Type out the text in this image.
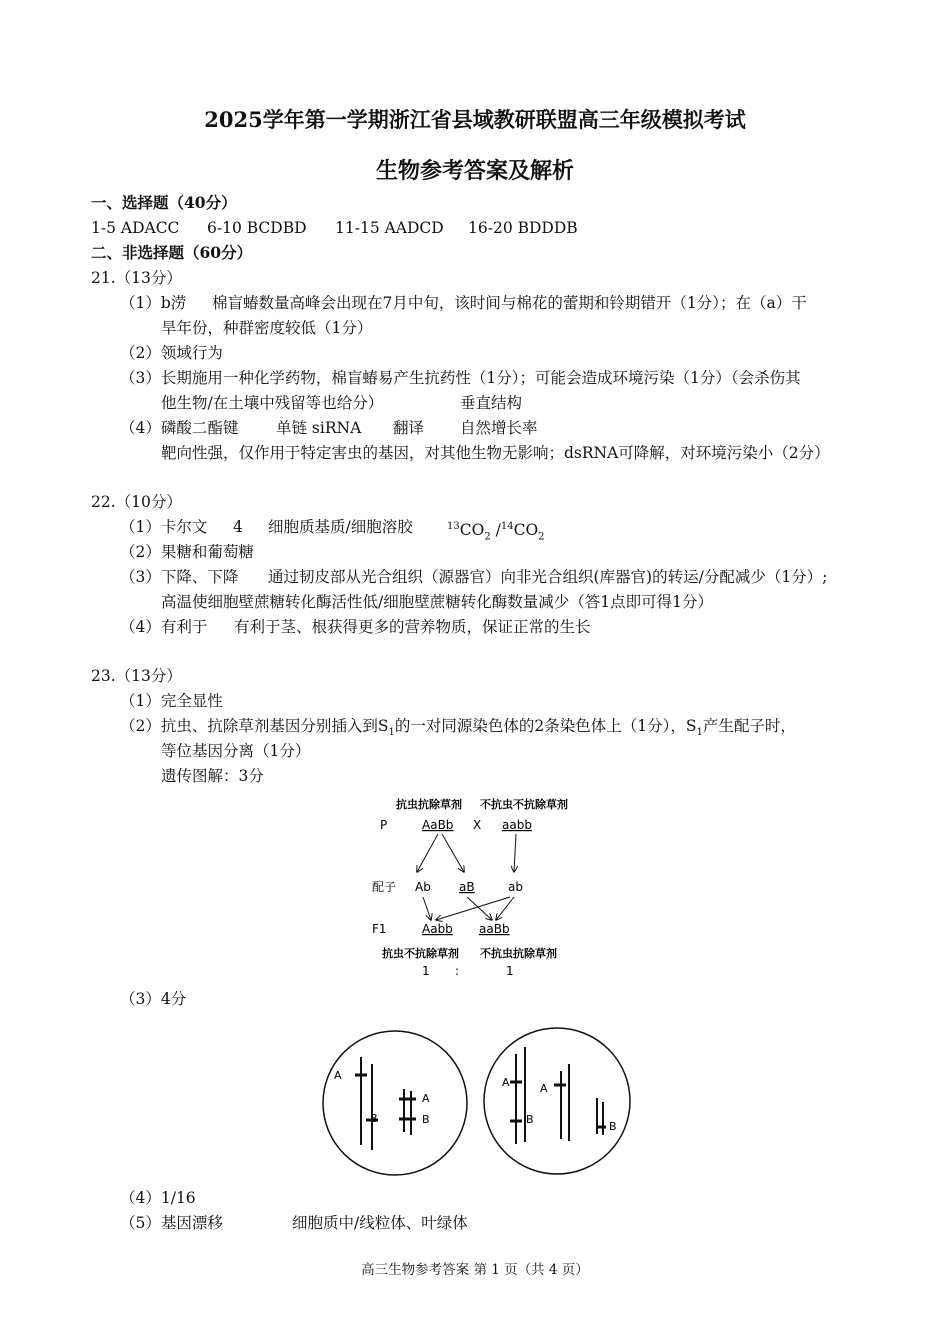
2025学年第一学期浙江省县域教研联盟高三年级模拟考试
生物参考答案及解析
一、选择题（40分）
1-5 ADACC 6-10 BCDBD 11-15 AADCD 16-20 BDDDB
二、非选择题（60分）
21.（13分）
（1）b涝 棉盲蝽数量高峰会出现在7月中旬，该时间与棉花的蕾期和铃期错开（1分）；在（a）干
旱年份，种群密度较低（1分）
（2）领域行为
（3）长期施用一种化学药物，棉盲蝽易产生抗药性（1分）；可能会造成环境污染（1分）（会杀伤其
他生物/在土壤中残留等也给分）	垂直结构
（4）磷酸二酯键 单链 siRNA 翻译 自然增长率
靶向性强，仅作用于特定害虫的基因，对其他生物无影响；dsRNA可降解，对环境污染小（2分）
22.（10分）
（1）卡尔文 4 细胞质基质/细胞溶胶	$^{13}CO_2$ $/^{14}CO_2$
（2）果糖和葡萄糖
（3）下降、下降 通过韧皮部从光合组织（源器官）向非光合组织(库器官)的转运/分配减少（1分）;
高温使细胞壁蔗糖转化酶活性低/细胞壁蔗糖转化酶数量减少（答1点即可得1分）
（4）有利于 有利于茎、根获得更多的营养物质，保证正常的生长
23.（13分）
（1）完全显性
（2）抗虫、抗除草剂基因分别插入到$S_1$的一对同源染色体的2条染色体上（1分），$S_1$产生配子时，
等位基因分离（1分）
遗传图解：3分
抗虫抗除草剂 不抗虫不抗除草剂
P	AaBb X aabb
配子 Ab aB	ab
F1	Aabb aaBb
抗虫不抗除草剂 不抗虫抗除草剂
1 :	1
（3）4分
A
B
A
B
A
B
A
B
（4）1/16
（5）基因漂移	细胞质中/线粒体、叶绿体
高三生物参考答案 第 1 页（共 4 页）
